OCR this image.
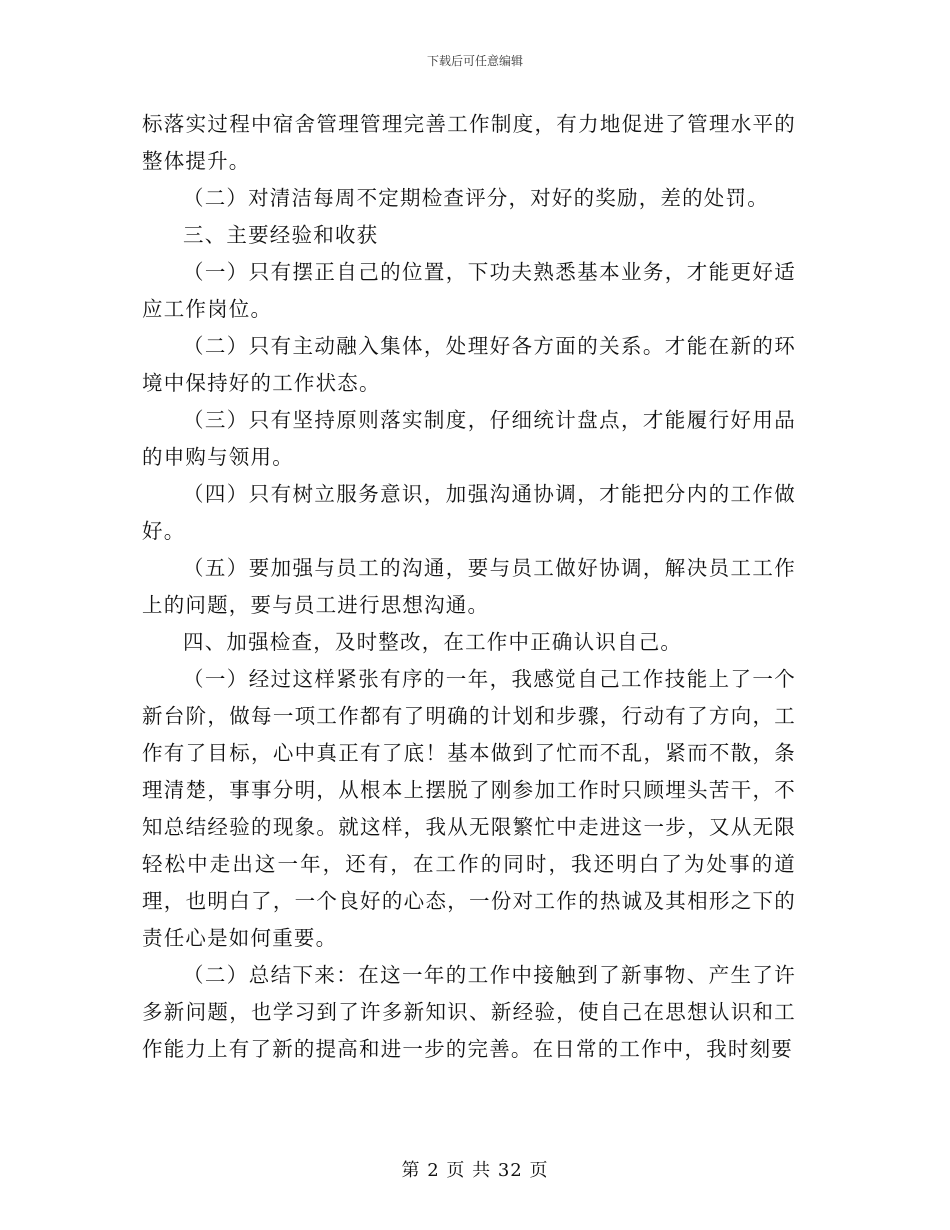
下载后可任意编辑

标落实过程中宿舍管理管理完善工作制度，有力地促进了管理水平的整体提升。

（二）对清洁每周不定期检查评分，对好的奖励，差的处罚。

三、主要经验和收获

（一）只有摆正自己的位置，下功夫熟悉基本业务，才能更好适应工作岗位。

（二）只有主动融入集体，处理好各方面的关系。才能在新的环境中保持好的工作状态。

（三）只有坚持原则落实制度，仔细统计盘点，才能履行好用品的申购与领用。

（四）只有树立服务意识，加强沟通协调，才能把分内的工作做好。

（五）要加强与员工的沟通，要与员工做好协调，解决员工工作上的问题，要与员工进行思想沟通。

四、加强检查，及时整改，在工作中正确认识自己。

（一）经过这样紧张有序的一年，我感觉自己工作技能上了一个新台阶，做每一项工作都有了明确的计划和步骤，行动有了方向，工作有了目标，心中真正有了底！基本做到了忙而不乱，紧而不散，条理清楚，事事分明，从根本上摆脱了刚参加工作时只顾埋头苦干，不知总结经验的现象。就这样，我从无限繁忙中走进这一步，又从无限轻松中走出这一年，还有，在工作的同时，我还明白了为处事的道理，也明白了，一个良好的心态，一份对工作的热诚及其相形之下的责任心是如何重要。

（二）总结下来：在这一年的工作中接触到了新事物、产生了许多新问题，也学习到了许多新知识、新经验，使自己在思想认识和工作能力上有了新的提高和进一步的完善。在日常的工作中，我时刻要

第 2 页 共 32 页
